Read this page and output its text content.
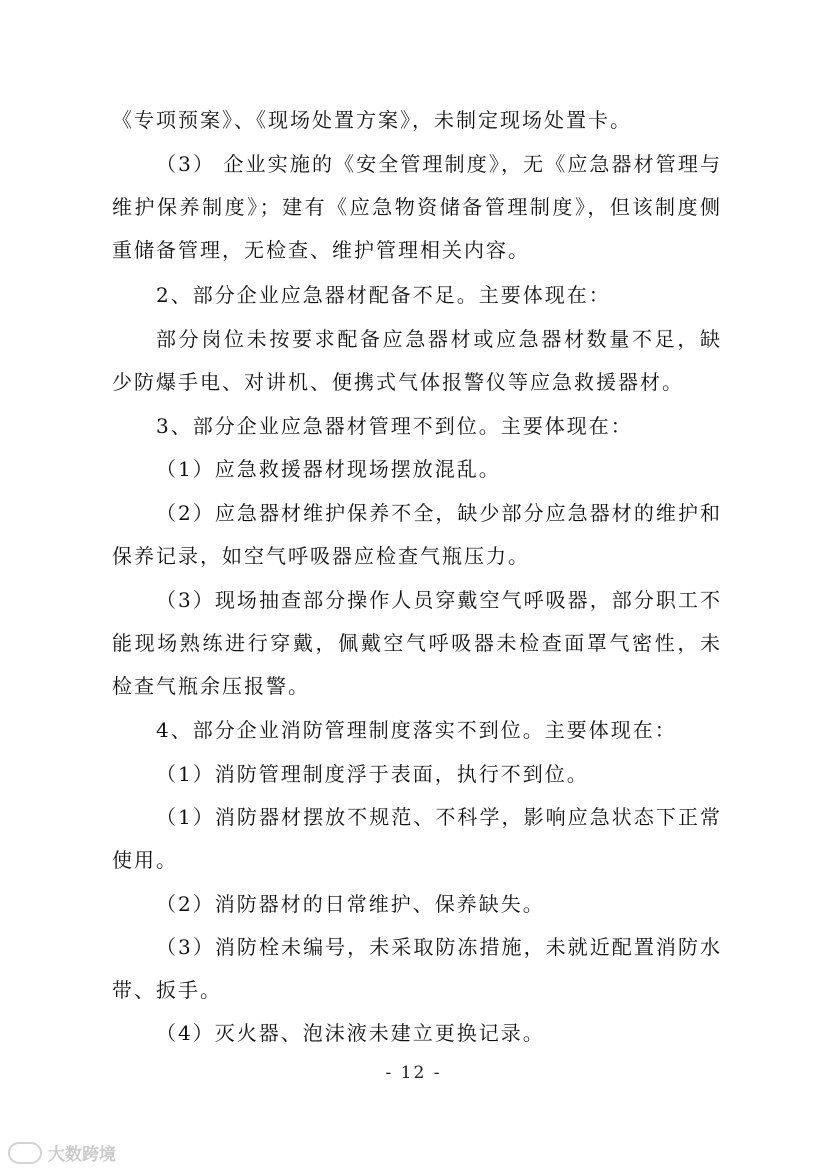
《专项预案》、《现场处置方案》，未制定现场处置卡。
（3） 企业实施的《安全管理制度》，无《应急器材管理与维护保养制度》；建有《应急物资储备管理制度》，但该制度侧重储备管理，无检查、维护管理相关内容。
2、部分企业应急器材配备不足。主要体现在：
部分岗位未按要求配备应急器材或应急器材数量不足，缺少防爆手电、对讲机、便携式气体报警仪等应急救援器材。
3、部分企业应急器材管理不到位。主要体现在：
（1）应急救援器材现场摆放混乱。
（2）应急器材维护保养不全，缺少部分应急器材的维护和保养记录，如空气呼吸器应检查气瓶压力。
（3）现场抽查部分操作人员穿戴空气呼吸器，部分职工不能现场熟练进行穿戴，佩戴空气呼吸器未检查面罩气密性，未检查气瓶余压报警。
4、部分企业消防管理制度落实不到位。主要体现在：
（1）消防管理制度浮于表面，执行不到位。
（1）消防器材摆放不规范、不科学，影响应急状态下正常使用。
（2）消防器材的日常维护、保养缺失。
（3）消防栓未编号，未采取防冻措施，未就近配置消防水带、扳手。
（4）灭火器、泡沫液未建立更换记录。
- 12 -
大数跨境
